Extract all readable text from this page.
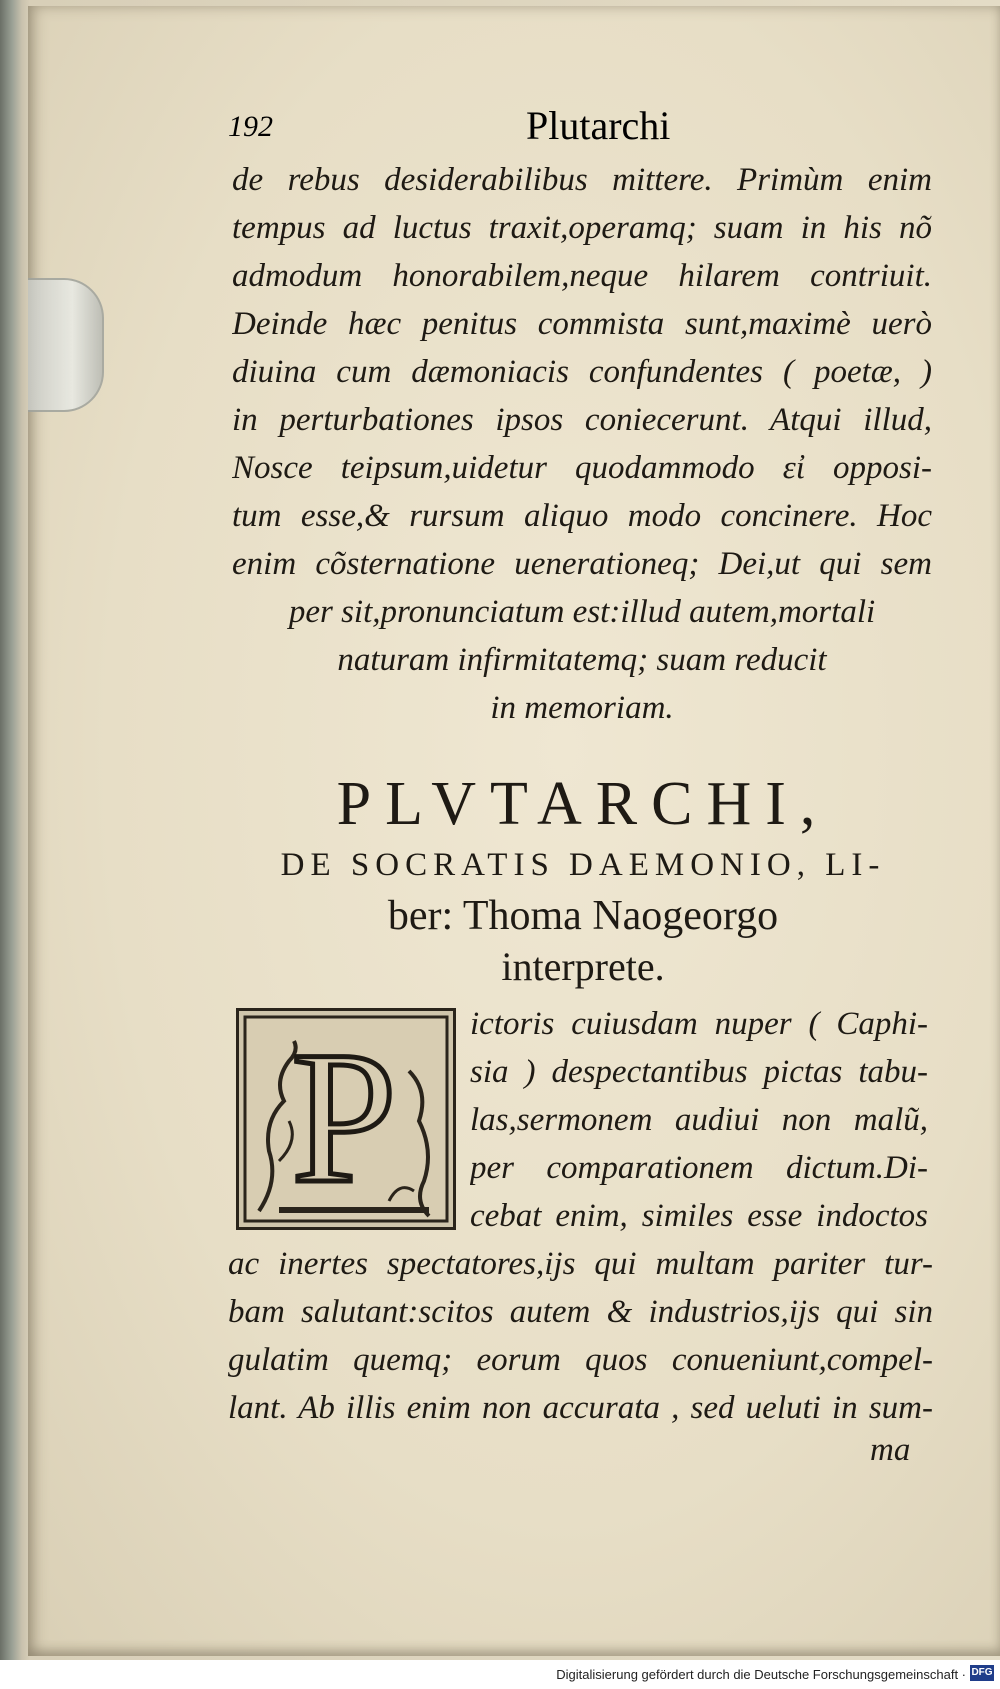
192	Plutarchi
de rebus desiderabilibus mittere. Primùm enim
tempus ad luctus traxit,operamq; suam in his nõ
admodum honorabilem,neque hilarem contriuit.
Deinde hæc penitus commista sunt,maximè uerò
diuina cum dæmoniacis confundentes ( poetæ, )
in perturbationes ipsos coniecerunt. Atqui illud,
Nosce teipsum,uidetur quodammodo εἰ opposi-
tum esse,& rursum aliquo modo concinere. Hoc
enim cõsternatione uenerationeq; Dei,ut qui sem
per sit,pronunciatum est:illud autem,mortali
naturam infirmitatemq; suam reducit
in memoriam.
PLVTARCHI,
DE SOCRATIS DAEMONIO, LI-
ber: Thoma Naogeorgo
interprete.
P ictoris cuiusdam nuper ( Caphi-
sia ) despectantibus pictas tabu-
las,sermonem audiui non malũ,
per comparationem dictum.Di-
cebat enim, similes esse indoctos
ac inertes spectatores,ijs qui multam pariter tur-
bam salutant:scitos autem & industrios,ijs qui sin
gulatim quemq; eorum quos conueniunt,compel-
lant. Ab illis enim non accurata , sed ueluti in sum-
ma
Digitalisierung gefördert durch die Deutsche Forschungsgemeinschaft · DFG
